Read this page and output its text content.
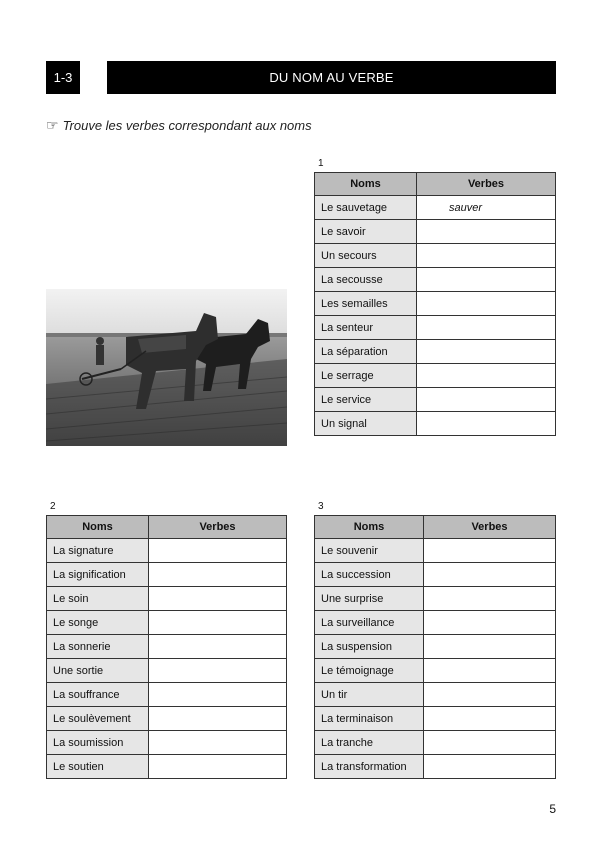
1-3	DU NOM AU VERBE
☞ Trouve les verbes correspondant aux noms
1
Noms	Verbes
Le sauvetage	sauver
Le savoir	
Un secours	
La secousse	
Les semailles	
La senteur	
La séparation	
Le serrage	
Le service	
Un signal	
2
Noms	Verbes
La signature	
La signification	
Le soin	
Le songe	
La sonnerie	
Une sortie	
La souffrance	
Le soulèvement	
La soumission	
Le soutien	
3
Noms	Verbes
Le souvenir	
La succession	
Une surprise	
La surveillance	
La suspension	
Le témoignage	
Un tir	
La terminaison	
La tranche	
La transformation	
5
